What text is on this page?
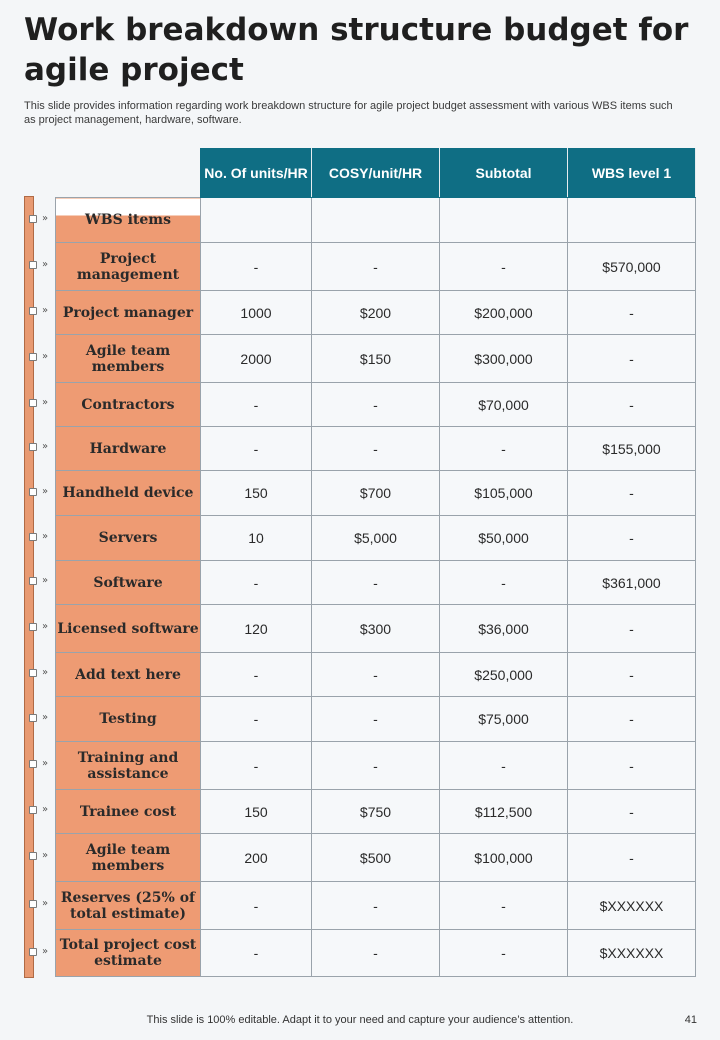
Work breakdown structure budget for agile project

This slide provides information regarding work breakdown structure for agile project budget assessment with various WBS items such as project management, hardware, software.

»
»
»
»
»
»
»
»
»
»
»
»
»
»
»
»
»
	No. Of units/HR	COSY/unit/HR	Subtotal	WBS level 1
WBS items				
Project management	-	-	-	$570,000
Project manager	1000	$200	$200,000	-
Agile team members	2000	$150	$300,000	-
Contractors	-	-	$70,000	-
Hardware	-	-	-	$155,000
Handheld device	150	$700	$105,000	-
Servers	10	$5,000	$50,000	-
Software	-	-	-	$361,000
Licensed software	120	$300	$36,000	-
Add text here	-	-	$250,000	-
Testing	-	-	$75,000	-
Training and assistance	-	-	-	-
Trainee cost	150	$750	$112,500	-
Agile team members	200	$500	$100,000	-
Reserves (25% of total estimate)	-	-	-	$XXXXXX
Total project cost estimate	-	-	-	$XXXXXX
This slide is 100% editable. Adapt it to your need and capture your audience’s attention.	41
